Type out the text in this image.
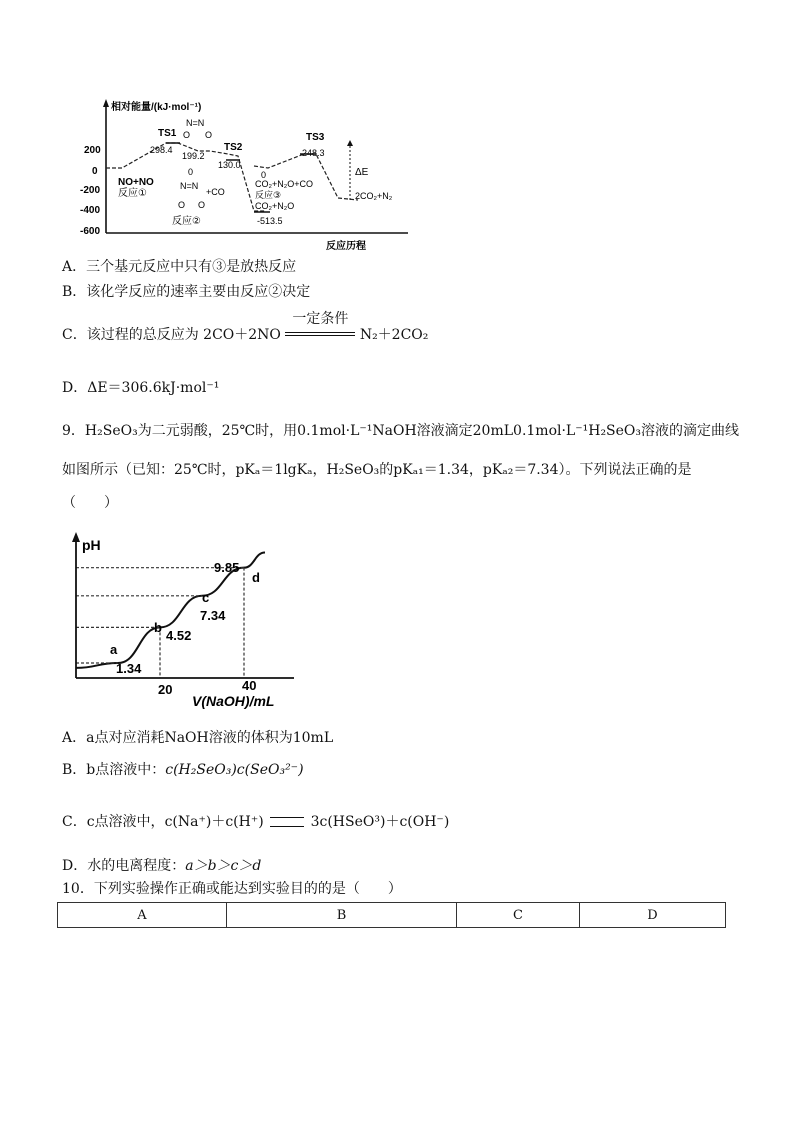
相对能量/(kJ·mol⁻¹)
200
0
-200
-400
-600
TS1
298.4
N=N
O O
199.2
TS2
130.0
TS3
248.3
0	0
NO+NO
反应①
N=N
+CO
O O
反应②
CO₂+N₂O+CO
反应③
CO₂+N₂O
-513.5
ΔE
2CO₂+N₂
反应历程
A．三个基元反应中只有③是放热反应
B．该化学反应的速率主要由反应②决定
C．该过程的总反应为 2CO＋2NO
一定条件
N₂＋2CO₂
D．ΔE＝306.6kJ·mol⁻¹
9．H₂SeO₃为二元弱酸，25℃时，用0.1mol·L⁻¹NaOH溶液滴定20mL0.1mol·L⁻¹H₂SeO₃溶液的滴定曲线
如图所示（已知：25℃时，pKₐ＝1lgKₐ，H₂SeO₃的pKₐ₁＝1.34，pKₐ₂＝7.34）。下列说法正确的是
（　　）
pH
V(NaOH)/mL
20	40
a
1.34
b
4.52
c
7.34
d
9.85
A．a点对应消耗NaOH溶液的体积为10mL
B．b点溶液中：c(H₂SeO₃)c(SeO₃²⁻)
C．c点溶液中，c(Na⁺)＋c(H⁺)	3c(HSeO³)＋c(OH⁻)
D．水的电离程度：a＞b＞c＞d
10．下列实验操作正确或能达到实验目的的是（　　）
A	B	C	D
